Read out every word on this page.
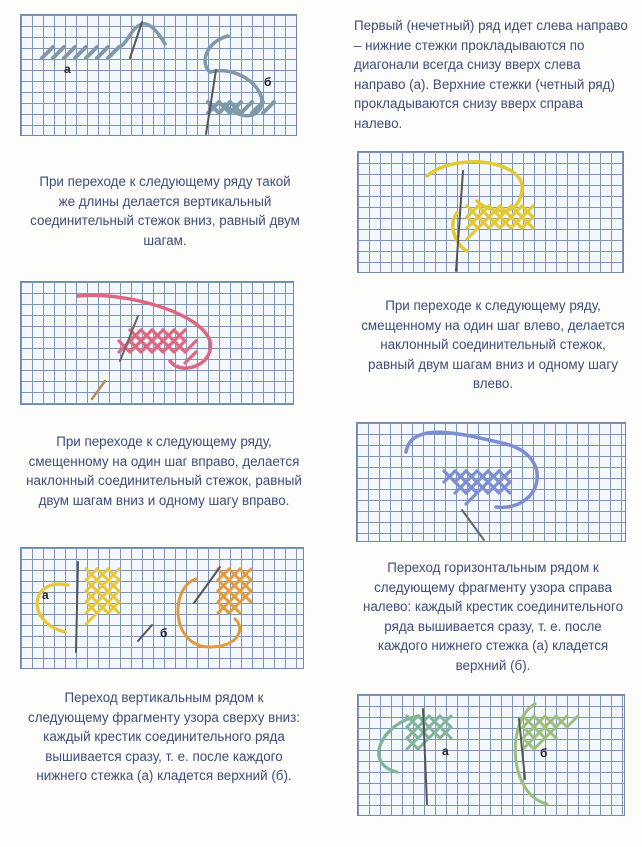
а
б
Первый (нечетный) ряд идет слева направо – нижние стежки прокладываются по диагонали всегда снизу вверх слева направо (а). Верхние стежки (четный ряд) прокладываются снизу вверх справа налево.
При переходе к следующему ряду такой же длины делается вертикальный соединительный стежок вниз, равный двум шагам.
При переходе к следующему ряду, смещенному на один шаг влево, делается наклонный соединительный стежок, равный двум шагам вниз и одному шагу влево.
При переходе к следующему ряду, смещенному на один шаг вправо, делается наклонный соединительный стежок, равный двум шагам вниз и одному шагу вправо.
а
б
Переход горизонтальным рядом к следующему фрагменту узора справа налево: каждый крестик соединительного ряда вышивается сразу, т. е. после каждого нижнего стежка (а) кладется верхний (б).
Переход вертикальным рядом к следующему фрагменту узора сверху вниз: каждый крестик соединительного ряда вышивается сразу, т. е. после каждого нижнего стежка (а) кладется верхний (б).
а	б
